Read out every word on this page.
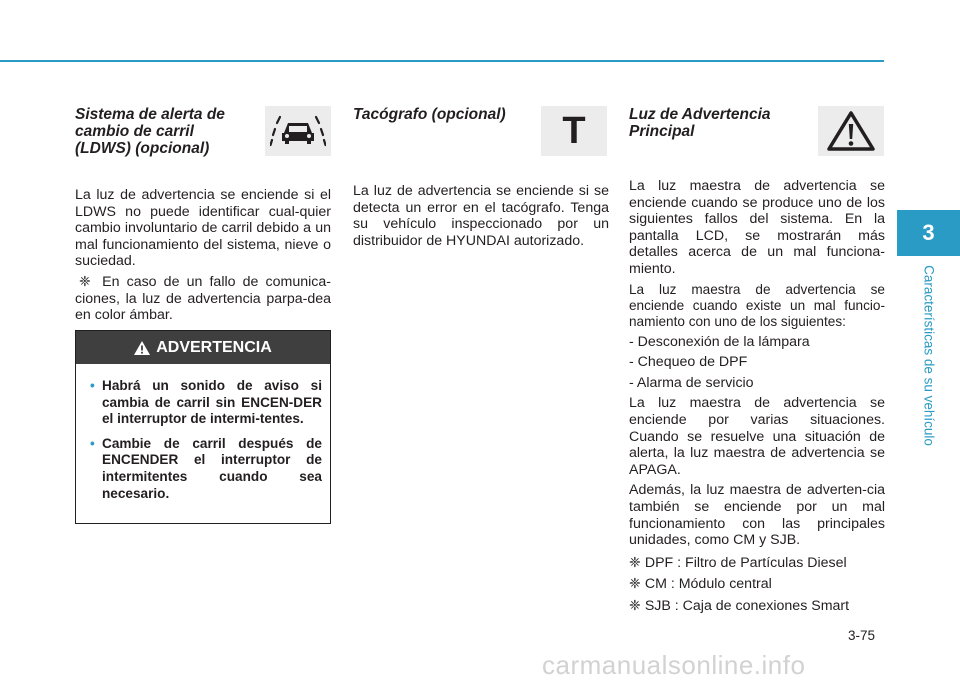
3
Características de su vehículo
Sistema de alerta de
cambio de carril
(LDWS) (opcional)

La luz de advertencia se enciende si el LDWS no puede identificar cual-quier cambio involuntario de carril debido a un mal funcionamiento del sistema, nieve o suciedad.

❈ En caso de un fallo de comunica-ciones, la luz de advertencia parpa-dea en color ámbar.

ADVERTENCIA
• Habrá un sonido de aviso si cambia de carril sin ENCEN-DER el interruptor de intermi-tentes.
• Cambie de carril después de ENCENDER el interruptor de intermitentes cuando sea necesario.
Tacógrafo (opcional)	T

La luz de advertencia se enciende si se detecta un error en el tacógrafo. Tenga su vehículo inspeccionado por un distribuidor de HYUNDAI autorizado.

Luz de Advertencia
Principal

La luz maestra de advertencia se enciende cuando se produce uno de los siguientes fallos del sistema. En la pantalla LCD, se mostrarán más detalles acerca de un mal funciona-miento.

La luz maestra de advertencia se enciende cuando existe un mal funcio-namiento con uno de los siguientes:

- Desconexión de la lámpara

- Chequeo de DPF

- Alarma de servicio

La luz maestra de advertencia se enciende por varias situaciones. Cuando se resuelve una situación de alerta, la luz maestra de advertencia se APAGA.

Además, la luz maestra de adverten-cia también se enciende por un mal funcionamiento con las principales unidades, como CM y SJB.

❈ DPF : Filtro de Partículas Diesel

❈ CM : Módulo central

❈ SJB : Caja de conexiones Smart

3-75
carmanualsonline.info
